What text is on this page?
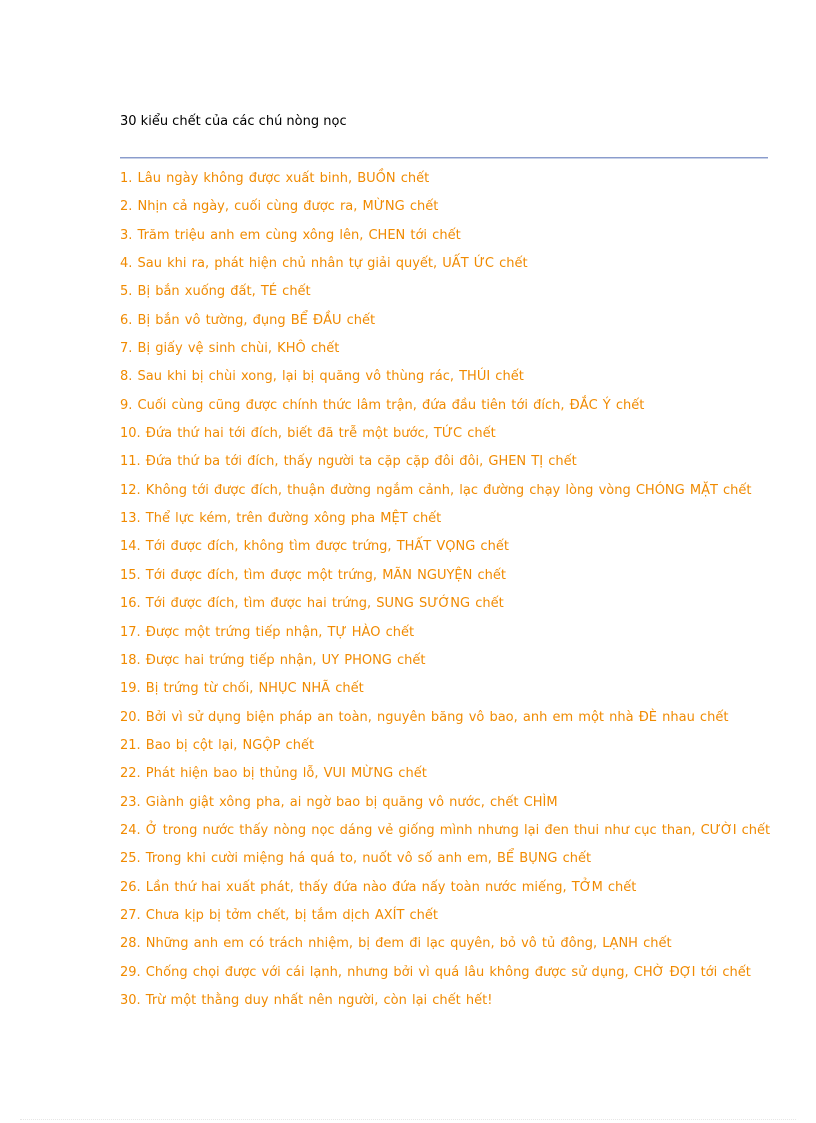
30 kiểu chết của các chú nòng nọc
1. Lâu ngày không được xuất binh, BUỒN chết
2. Nhịn cả ngày, cuối cùng được ra, MỪNG chết
3. Trăm triệu anh em cùng xông lên, CHEN tới chết
4. Sau khi ra, phát hiện chủ nhân tự giải quyết, UẤT ỨC chết
5. Bị bắn xuống đất, TÉ chết
6. Bị bắn vô tường, đụng BỂ ĐẦU chết
7. Bị giấy vệ sinh chùi, KHÔ chết
8. Sau khi bị chùi xong, lại bị quăng vô thùng rác, THÚI chết
9. Cuối cùng cũng được chính thức lâm trận, đứa đầu tiên tới đích, ĐẮC Ý chết
10. Đứa thứ hai tới đích, biết đã trễ một bước, TỨC chết
11. Đứa thứ ba tới đích, thấy người ta cặp cặp đôi đôi, GHEN TỊ chết
12. Không tới được đích, thuận đường ngắm cảnh, lạc đường chạy lòng vòng CHÓNG MẶT chết
13. Thể lực kém, trên đường xông pha MỆT chết
14. Tới được đích, không tìm được trứng, THẤT VỌNG chết
15. Tới được đích, tìm được một trứng, MÃN NGUYỆN chết
16. Tới được đích, tìm được hai trứng, SUNG SƯỚNG chết
17. Được một trứng tiếp nhận, TỰ HÀO chết
18. Được hai trứng tiếp nhận, UY PHONG chết
19. Bị trứng từ chối, NHỤC NHÃ chết
20. Bởi vì sử dụng biện pháp an toàn, nguyên băng vô bao, anh em một nhà ĐÈ nhau chết
21. Bao bị cột lại, NGỘP chết
22. Phát hiện bao bị thủng lỗ, VUI MỪNG chết
23. Giành giật xông pha, ai ngờ bao bị quăng vô nước, chết CHÌM
24. Ở trong nước thấy nòng nọc dáng vẻ giống mình nhưng lại đen thui như cục than, CƯỜI chết
25. Trong khi cười miệng há quá to, nuốt vô số anh em, BỂ BỤNG chết
26. Lần thứ hai xuất phát, thấy đứa nào đứa nấy toàn nước miếng, TỞM chết
27. Chưa kịp bị tởm chết, bị tắm dịch AXÍT chết
28. Những anh em có trách nhiệm, bị đem đi lạc quyên, bỏ vô tủ đông, LẠNH chết
29. Chống chọi được với cái lạnh, nhưng bởi vì quá lâu không được sử dụng, CHỜ ĐỢI tới chết
30. Trừ một thằng duy nhất nên người, còn lại chết hết!
